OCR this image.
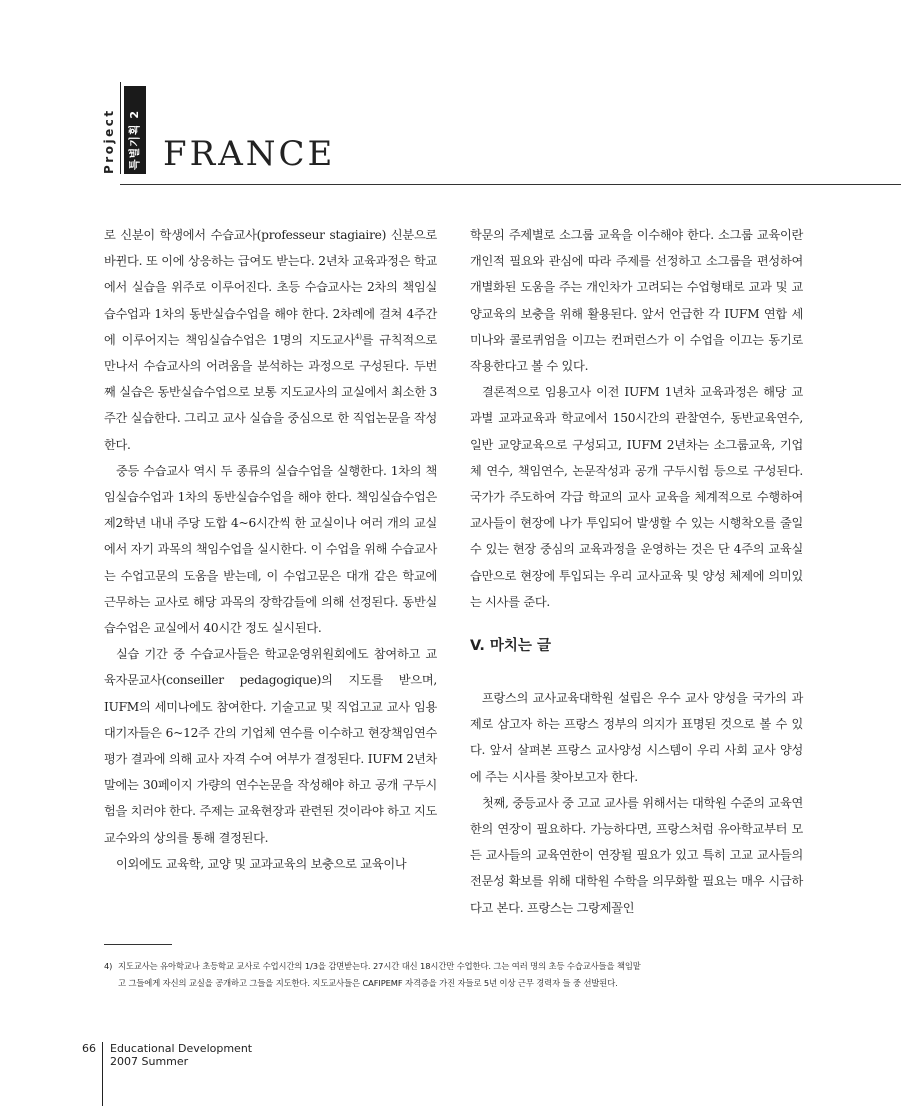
Project 특별기획 2 FRANCE

로 신분이 학생에서 수습교사(professeur stagiaire) 신분으로 바뀐다. 또 이에 상응하는 급여도 받는다. 2년차 교육과정은 학교에서 실습을 위주로 이루어진다. 초등 수습교사는 2차의 책임실습수업과 1차의 동반실습수업을 해야 한다. 2차례에 걸쳐 4주간에 이루어지는 책임실습수업은 1명의 지도교사$^{4)}$를 규칙적으로 만나서 수습교사의 어려움을 분석하는 과정으로 구성된다. 두번째 실습은 동반실습수업으로 보통 지도교사의 교실에서 최소한 3주간 실습한다. 그리고 교사 실습을 중심으로 한 직업논문을 작성한다.

중등 수습교사 역시 두 종류의 실습수업을 실행한다. 1차의 책임실습수업과 1차의 동반실습수업을 해야 한다. 책임실습수업은 제2학년 내내 주당 도합 4~6시간씩 한 교실이나 여러 개의 교실에서 자기 과목의 책임수업을 실시한다. 이 수업을 위해 수습교사는 수업고문의 도움을 받는데, 이 수업고문은 대개 같은 학교에 근무하는 교사로 해당 과목의 장학감들에 의해 선정된다. 동반실습수업은 교실에서 40시간 정도 실시된다.

실습 기간 중 수습교사들은 학교운영위원회에도 참여하고 교육자문교사(conseiller pedagogique)의 지도를 받으며, IUFM의 세미나에도 참여한다. 기술고교 및 직업고교 교사 임용대기자들은 6~12주 간의 기업체 연수를 이수하고 현장책임연수 평가 결과에 의해 교사 자격 수여 여부가 결정된다. IUFM 2년차 말에는 30페이지 가량의 연수논문을 작성해야 하고 공개 구두시험을 치러야 한다. 주제는 교육현장과 관련된 것이라야 하고 지도교수와의 상의를 통해 결정된다.

이외에도 교육학, 교양 및 교과교육의 보충으로 교육이나

학문의 주제별로 소그룹 교육을 이수해야 한다. 소그룹 교육이란 개인적 필요와 관심에 따라 주제를 선정하고 소그룹을 편성하여 개별화된 도움을 주는 개인차가 고려되는 수업형태로 교과 및 교양교육의 보충을 위해 활용된다. 앞서 언급한 각 IUFM 연합 세미나와 콜로퀴엄을 이끄는 컨퍼런스가 이 수업을 이끄는 동기로 작용한다고 볼 수 있다.

결론적으로 임용고사 이전 IUFM 1년차 교육과정은 해당 교과별 교과교육과 학교에서 150시간의 관찰연수, 동반교육연수, 일반 교양교육으로 구성되고, IUFM 2년차는 소그룹교육, 기업체 연수, 책임연수, 논문작성과 공개 구두시험 등으로 구성된다. 국가가 주도하여 각급 학교의 교사 교육을 체계적으로 수행하여 교사들이 현장에 나가 투입되어 발생할 수 있는 시행착오를 줄일 수 있는 현장 중심의 교육과정을 운영하는 것은 단 4주의 교육실습만으로 현장에 투입되는 우리 교사교육 및 양성 체제에 의미있는 시사를 준다.

V. 마치는 글

프랑스의 교사교육대학원 설립은 우수 교사 양성을 국가의 과제로 삼고자 하는 프랑스 정부의 의지가 표명된 것으로 볼 수 있다. 앞서 살펴본 프랑스 교사양성 시스템이 우리 사회 교사 양성에 주는 시사를 찾아보고자 한다.

첫째, 중등교사 중 고교 교사를 위해서는 대학원 수준의 교육연한의 연장이 필요하다. 가능하다면, 프랑스처럼 유아학교부터 모든 교사들의 교육연한이 연장될 필요가 있고 특히 고교 교사들의 전문성 확보를 위해 대학원 수학을 의무화할 필요는 매우 시급하다고 본다. 프랑스는 그랑제꼴인

4) 지도교사는 유아학교나 초등학교 교사로 수업시간의 1/3을 감면받는다. 27시간 대신 18시간만 수업한다. 그는 여러 명의 초등 수습교사들을 책임맡
고 그들에게 자신의 교실을 공개하고 그들을 지도한다. 지도교사들은 CAFIPEMF 자격증을 가진 자들로 5년 이상 근무 경력자 들 중 선발된다.
66 Educational Development
2007 Summer
